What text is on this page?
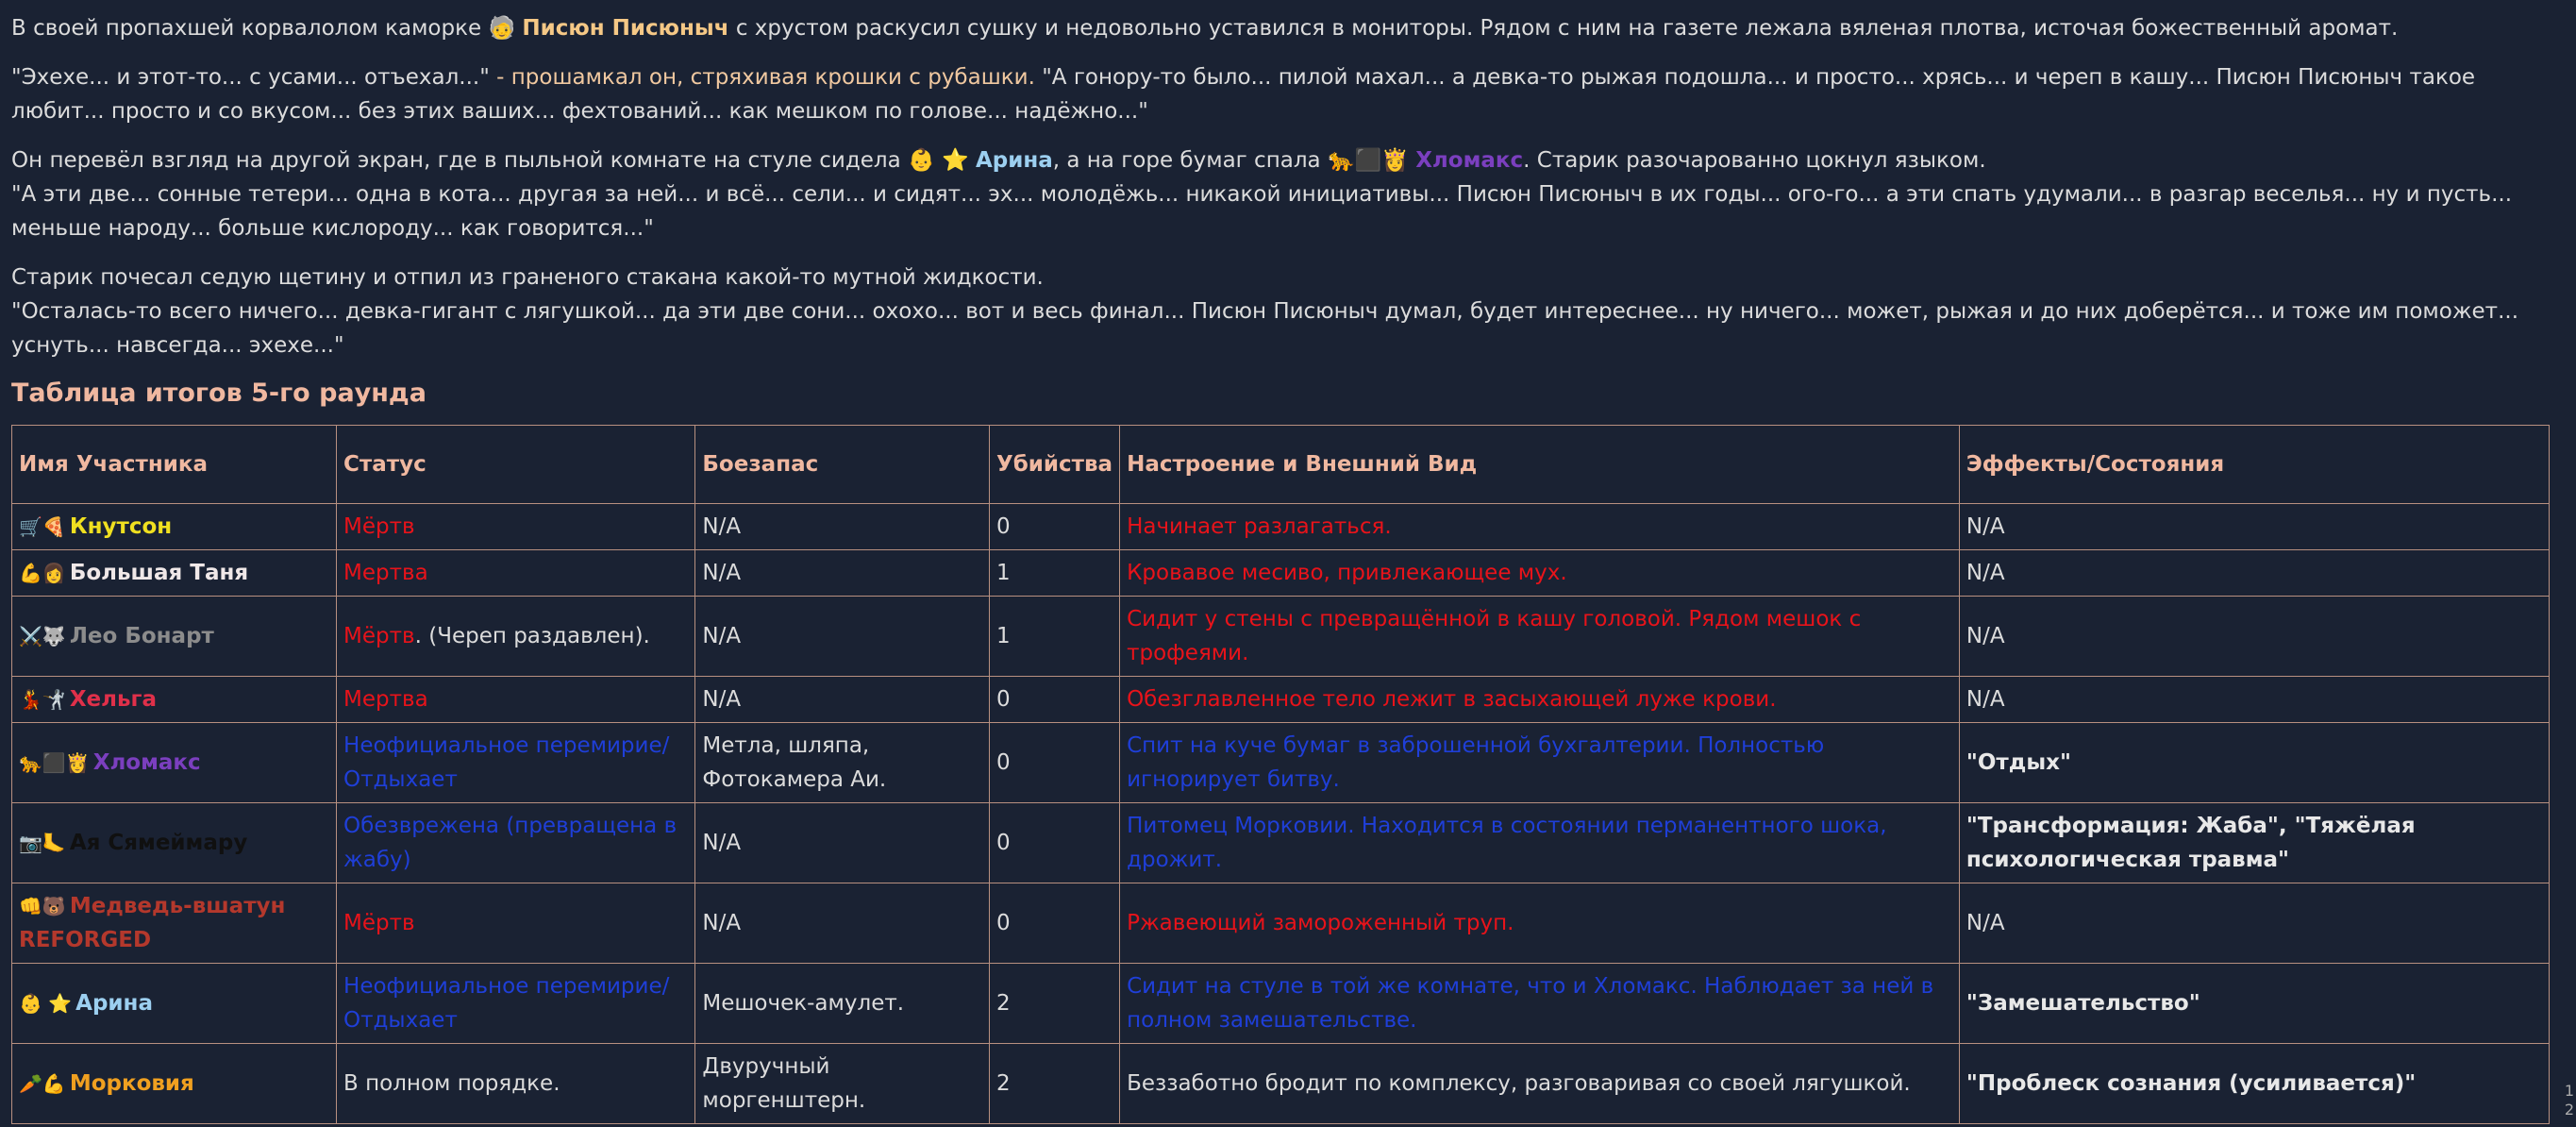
В своей пропахшей корвалолом каморке 🧓 Писюн Писюныч с хрустом раскусил сушку и недовольно уставился в мониторы. Рядом с ним на газете лежала вяленая плотва, источая божественный аромат.

"Эхехе... и этот-то... с усами... отъехал..." - прошамкал он, стряхивая крошки с рубашки. "А гонору-то было... пилой махал... а девка-то рыжая подошла... и просто... хрясь... и череп в кашу... Писюн Писюныч такое любит... просто и со вкусом... без этих ваших... фехтований... как мешком по голове... надёжно..."

Он перевёл взгляд на другой экран, где в пыльной комнате на стуле сидела 👶 ⭐ Арина, а на горе бумаг спала 🐆⬛👸 Хломакс. Старик разочарованно цокнул языком.
"А эти две... сонные тетери... одна в кота... другая за ней... и всё... сели... и сидят... эх... молодёжь... никакой инициативы... Писюн Писюныч в их годы... ого-го... а эти спать удумали... в разгар веселья... ну и пусть... меньше народу... больше кислороду... как говорится..."

Старик почесал седую щетину и отпил из граненого стакана какой-то мутной жидкости.
"Осталась-то всего ничего... девка-гигант с лягушкой... да эти две сони... охохо... вот и весь финал... Писюн Писюныч думал, будет интереснее... ну ничего... может, рыжая и до них доберётся... и тоже им поможет... уснуть... навсегда... эхехе..."

Таблица итогов 5-го раунда
Имя Участника	Статус	Боезапас	Убийства	Настроение и Внешний Вид	Эффекты/Состояния
🛒🍕 Кнутсон	Мёртв	N/A	0	Начинает разлагаться.	N/A
💪👩 Большая Таня	Мертва	N/A	1	Кровавое месиво, привлекающее мух.	N/A
⚔️🐺 Лео Бонарт	Мёртв. (Череп раздавлен).	N/A	1	Сидит у стены с превращённой в кашу головой. Рядом мешок с трофеями.	N/A
💃🤺 Хельга	Мертва	N/A	0	Обезглавленное тело лежит в засыхающей луже крови.	N/A
🐆⬛👸 Хломакс	Неофициальное перемирие/ Отдыхает	Метла, шляпа, Фотокамера Аи.	0	Спит на куче бумаг в заброшенной бухгалтерии. Полностью игнорирует битву.	"Отдых"
📷🦶 Ая Сямеймару	Обезврежена (превращена в жабу)	N/A	0	Питомец Морковии. Находится в состоянии перманентного шока, дрожит.	"Трансформация: Жаба", "Тяжёлая психологическая травма"
👊🐻 Медведь-вшатун REFORGED	Мёртв	N/A	0	Ржавеющий замороженный труп.	N/A
👶 ⭐ Арина	Неофициальное перемирие/ Отдыхает	Мешочек-амулет.	2	Сидит на стуле в той же комнате, что и Хломакс. Наблюдает за ней в полном замешательстве.	"Замешательство"
🥕💪 Морковия	В полном порядке.	Двуручный моргенштерн.	2	Беззаботно бродит по комплексу, разговаривая со своей лягушкой.	"Проблеск сознания (усиливается)"	1
2
